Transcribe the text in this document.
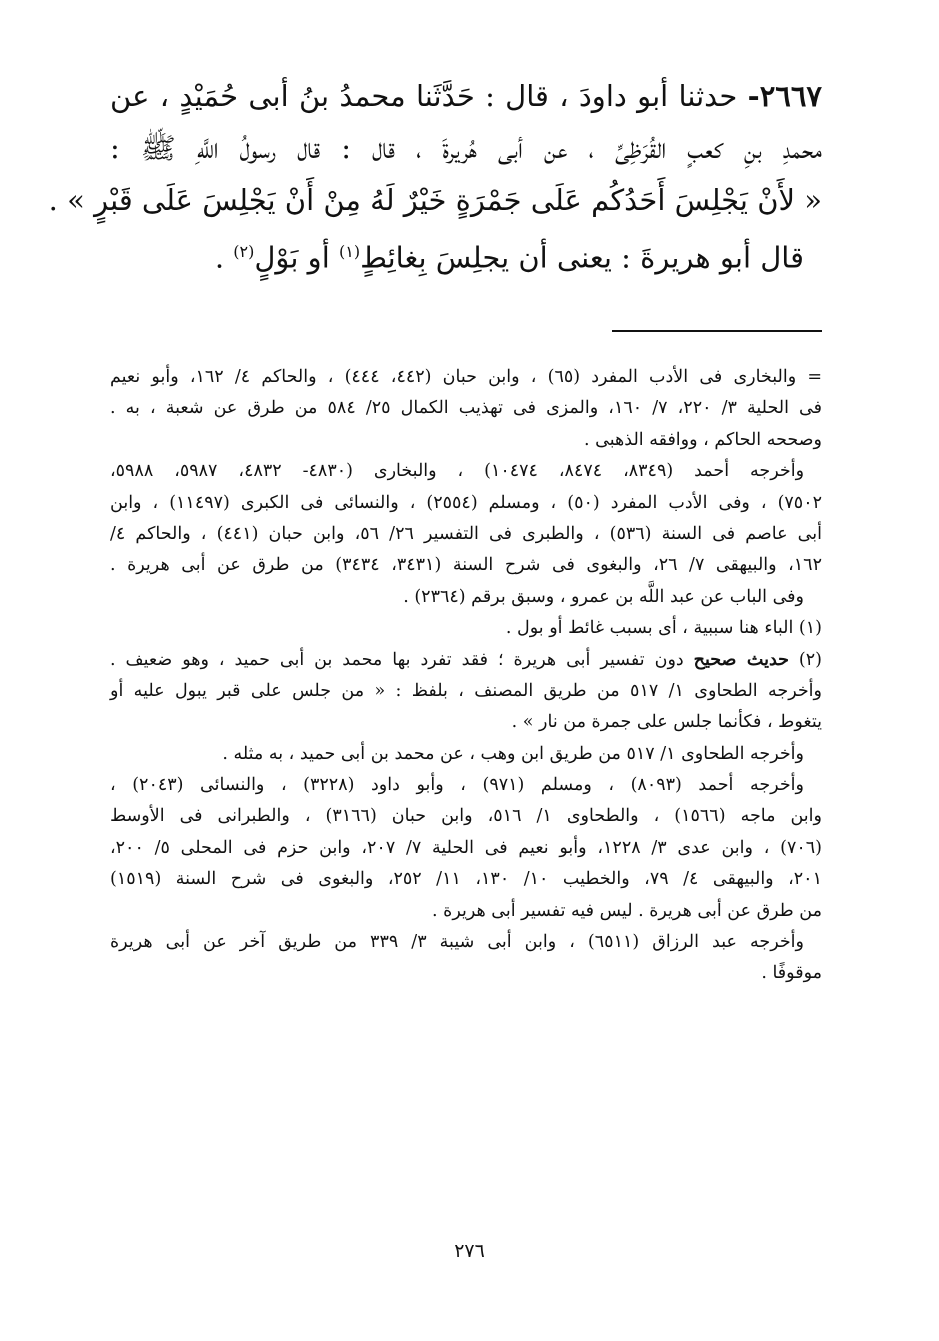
٢٦٦٧- حدثنا أبو داودَ ، قال : حَدَّثَنا محمدُ بنُ أبى حُمَيْدٍ ، عن
محمدِ بنِ كعبٍ القُرَظِىِّ ، عن أبى هُريرةَ ، قال : قال رسولُ اللَّهِ ﷺ :
« لأَنْ يَجْلِسَ أَحَدُكُم عَلَى جَمْرَةٍ خَيْرٌ لَهُ مِنْ أَنْ يَجْلِسَ عَلَى قَبْرٍ » .
قال أبو هريرةَ : يعنى أن يجلِسَ بِغائِطٍ$^{(١)}$ أو بَوْلٍ$^{(٢)}$ .
= والبخارى فى الأدب المفرد (٦٥) ، وابن حبان (٤٤٢، ٤٤٤) ، والحاكم ٤/ ١٦٢، وأبو نعيم
فى الحلية ٣/ ٢٢٠، ٧/ ١٦٠، والمزى فى تهذيب الكمال ٢٥/ ٥٨٤ من طرق عن شعبة ، به .
وصححه الحاكم ، ووافقه الذهبى .
وأخرجه أحمد (٨٣٤٩، ٨٤٧٤، ١٠٤٧٤) ، والبخارى (٤٨٣٠- ٤٨٣٢، ٥٩٨٧، ٥٩٨٨،
٧٥٠٢) ، وفى الأدب المفرد (٥٠) ، ومسلم (٢٥٥٤) ، والنسائى فى الكبرى (١١٤٩٧) ، وابن
أبى عاصم فى السنة (٥٣٦) ، والطبرى فى التفسير ٢٦/ ٥٦، وابن حبان (٤٤١) ، والحاكم ٤/
١٦٢، والبيهقى ٧/ ٢٦، والبغوى فى شرح السنة (٣٤٣١، ٣٤٣٤) من طرق عن أبى هريرة .
وفى الباب عن عبد اللَّه بن عمرو ، وسبق برقم (٢٣٦٤) .
(١) الباء هنا سببية ، أى بسبب غائط أو بول .
(٢) حديث صحيح دون تفسير أبى هريرة ؛ فقد تفرد بها محمد بن أبى حميد ، وهو ضعيف .
وأخرجه الطحاوى ١/ ٥١٧ من طريق المصنف ، بلفظ : « من جلس على قبر يبول عليه أو
يتغوط ، فكأنما جلس على جمرة من نار » .
وأخرجه الطحاوى ١/ ٥١٧ من طريق ابن وهب ، عن محمد بن أبى حميد ، به مثله .
وأخرجه أحمد (٨٠٩٣) ، ومسلم (٩٧١) ، وأبو داود (٣٢٢٨) ، والنسائى (٢٠٤٣) ،
وابن ماجه (١٥٦٦) ، والطحاوى ١/ ٥١٦، وابن حبان (٣١٦٦) ، والطبرانى فى الأوسط
(٧٠٦) ، وابن عدى ٣/ ١٢٢٨، وأبو نعيم فى الحلية ٧/ ٢٠٧، وابن حزم فى المحلى ٥/ ٢٠٠،
٢٠١، والبيهقى ٤/ ٧٩، والخطيب ١٠/ ١٣٠، ١١/ ٢٥٢، والبغوى فى شرح السنة (١٥١٩)
من طرق عن أبى هريرة . ليس فيه تفسير أبى هريرة .
وأخرجه عبد الرزاق (٦٥١١) ، وابن أبى شيبة ٣/ ٣٣٩ من طريق آخر عن أبى هريرة
موقوفًا .
٢٧٦
